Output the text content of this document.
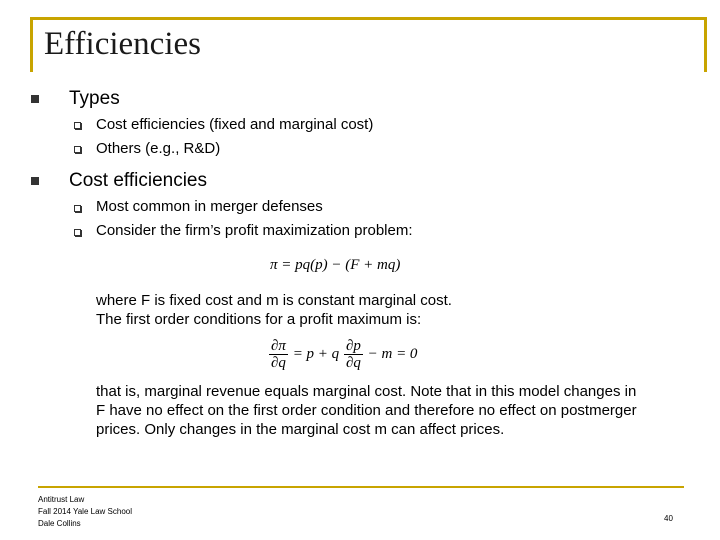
Efficiencies
Types
Cost efficiencies (fixed and marginal cost)
Others (e.g., R&D)
Cost efficiencies
Most common in merger defenses
Consider the firm’s profit maximization problem:
π = pq(p) − (F + mq)
where F is fixed cost and m is constant marginal cost.
The first order conditions for a profit maximum is:
$\frac{\partial\pi}{\partial q} = p + q \frac{\partial p}{\partial q} - m = 0$
that is, marginal revenue equals marginal cost. Note that in this model changes in
F have no effect on the first order condition and therefore no effect on postmerger
prices. Only changes in the marginal cost m can affect prices.
Antitrust Law
Fall 2014 Yale Law School
Dale Collins
40
